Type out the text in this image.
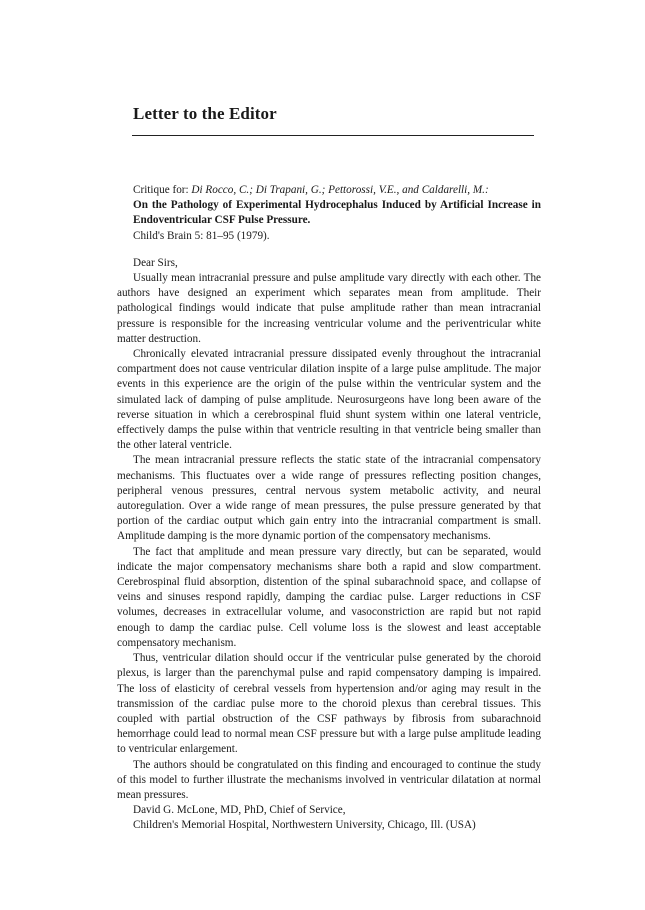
Letter to the Editor

Critique for: Di Rocco, C.; Di Trapani, G.; Pettorossi, V.E., and Caldarelli, M.:

On the Pathology of Experimental Hydrocephalus Induced by Artificial Increase in Endoventricular CSF Pulse Pressure.

Child's Brain 5: 81–95 (1979).

Dear Sirs,

Usually mean intracranial pressure and pulse amplitude vary directly with each other. The authors have designed an experiment which separates mean from amplitude. Their pathological findings would indicate that pulse amplitude rather than mean intracranial pressure is responsible for the increasing ventricular volume and the periventricular white matter destruction.

Chronically elevated intracranial pressure dissipated evenly throughout the intracranial compartment does not cause ventricular dilation inspite of a large pulse amplitude. The major events in this experience are the origin of the pulse within the ventricular system and the simulated lack of damping of pulse amplitude. Neurosurgeons have long been aware of the reverse situation in which a cerebrospinal fluid shunt system within one lateral ventricle, effectively damps the pulse within that ventricle resulting in that ventricle being smaller than the other lateral ventricle.

The mean intracranial pressure reflects the static state of the intracranial compensatory mechanisms. This fluctuates over a wide range of pressures reflecting position changes, peripheral venous pressures, central nervous system metabolic activity, and neural autoregulation. Over a wide range of mean pressures, the pulse pressure generated by that portion of the cardiac output which gain entry into the intracranial compartment is small. Amplitude damping is the more dynamic portion of the compensatory mechanisms.

The fact that amplitude and mean pressure vary directly, but can be separated, would indicate the major compensatory mechanisms share both a rapid and slow compartment. Cerebrospinal fluid absorption, distention of the spinal subarachnoid space, and collapse of veins and sinuses respond rapidly, damping the cardiac pulse. Larger reductions in CSF volumes, decreases in extracellular volume, and vasoconstriction are rapid but not rapid enough to damp the cardiac pulse. Cell volume loss is the slowest and least acceptable compensatory mechanism.

Thus, ventricular dilation should occur if the ventricular pulse generated by the choroid plexus, is larger than the parenchymal pulse and rapid compensatory damping is impaired. The loss of elasticity of cerebral vessels from hypertension and/or aging may result in the transmission of the cardiac pulse more to the choroid plexus than cerebral tissues. This coupled with partial obstruction of the CSF pathways by fibrosis from subarachnoid hemorrhage could lead to normal mean CSF pressure but with a large pulse amplitude leading to ventricular enlargement.

The authors should be congratulated on this finding and encouraged to continue the study of this model to further illustrate the mechanisms involved in ventricular dilatation at normal mean pressures.

David G. McLone, MD, PhD, Chief of Service,

Children's Memorial Hospital, Northwestern University, Chicago, Ill. (USA)
